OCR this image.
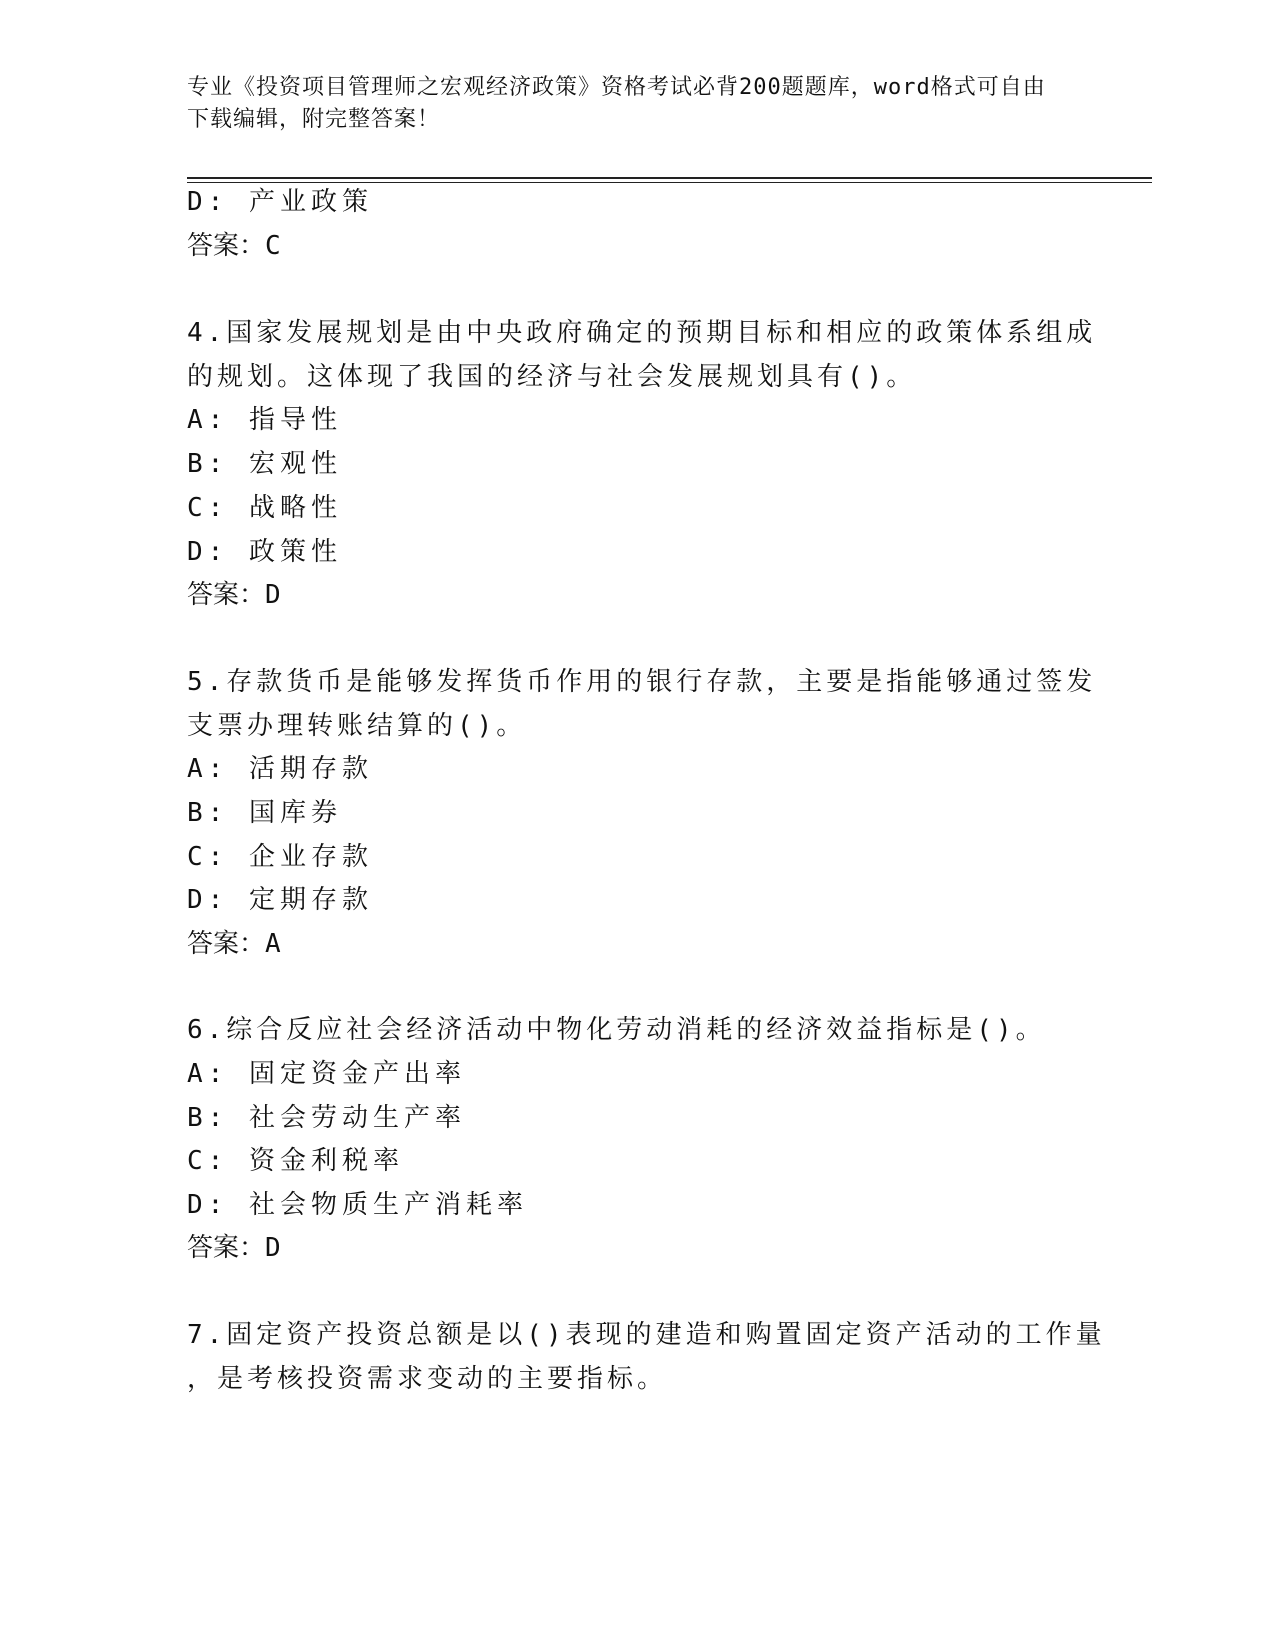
专业《投资项目管理师之宏观经济政策》资格考试必背200题题库，word格式可自由下载编辑，附完整答案！
D: 产业政策
答案：C
4.国家发展规划是由中央政府确定的预期目标和相应的政策体系组成
的规划。这体现了我国的经济与社会发展规划具有()。
A: 指导性
B: 宏观性
C: 战略性
D: 政策性
答案：D
5.存款货币是能够发挥货币作用的银行存款，主要是指能够通过签发
支票办理转账结算的()。
A: 活期存款
B: 国库券
C: 企业存款
D: 定期存款
答案：A
6.综合反应社会经济活动中物化劳动消耗的经济效益指标是()。
A: 固定资金产出率
B: 社会劳动生产率
C: 资金利税率
D: 社会物质生产消耗率
答案：D
7.固定资产投资总额是以()表现的建造和购置固定资产活动的工作量
，是考核投资需求变动的主要指标。
